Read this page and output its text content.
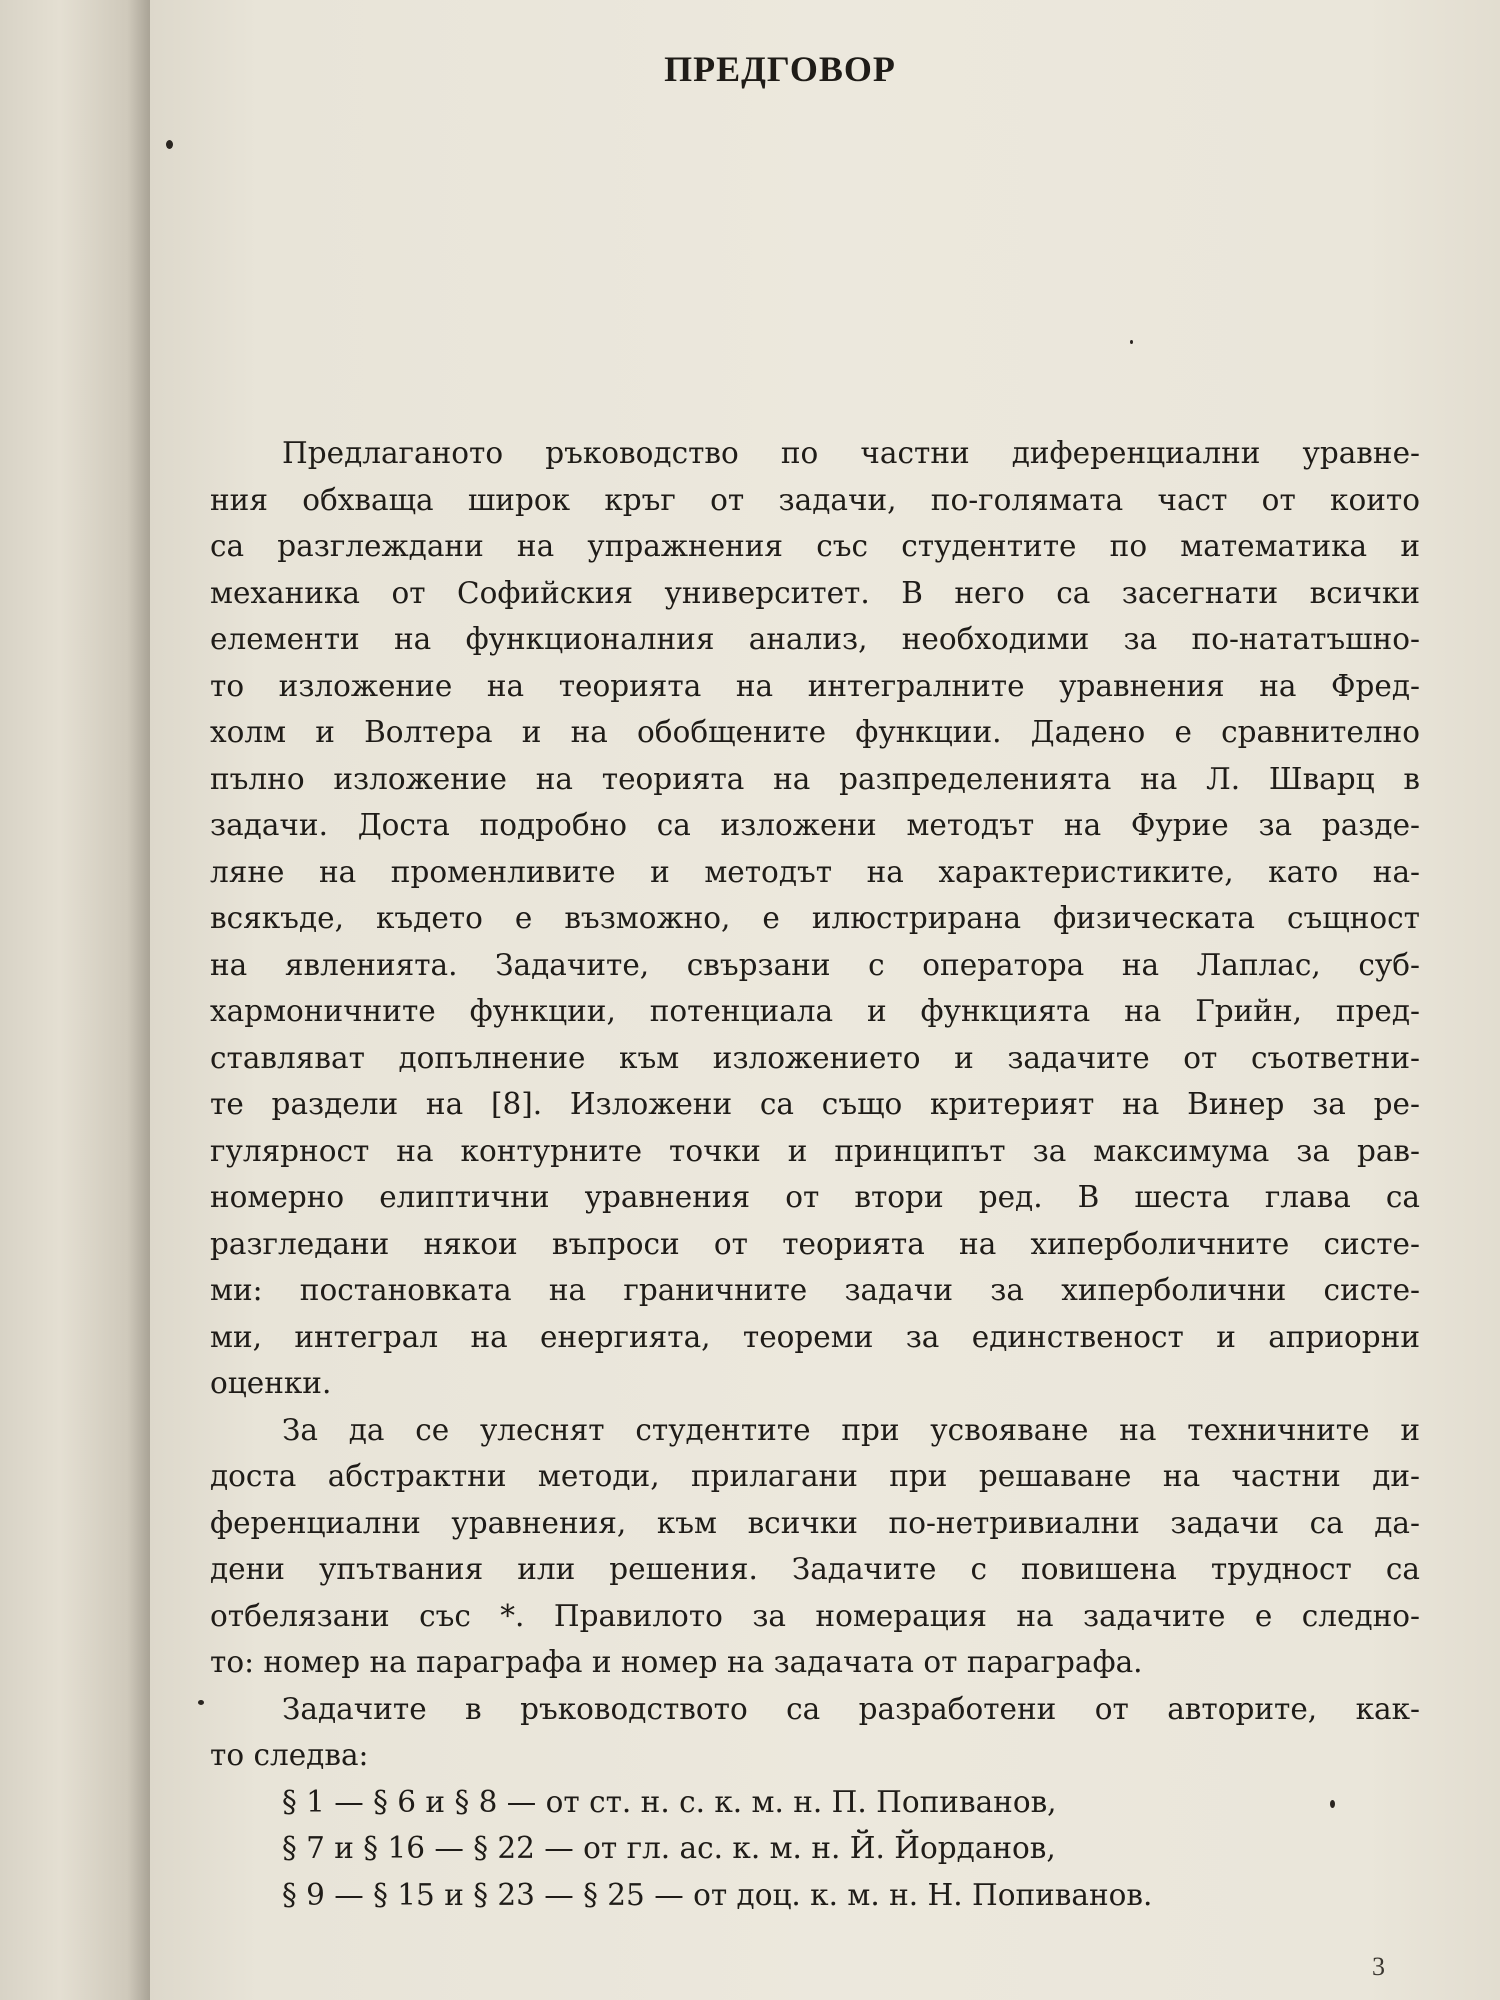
ПРЕДГОВОР
Предлаганото ръководство по частни диференциални уравне-
ния обхваща широк кръг от задачи, по-голямата част от които
са разглеждани на упражнения със студентите по математика и
механика от Софийския университет. В него са засегнати всички
елементи на функционалния анализ, необходими за по-нататъшно-
то изложение на теорията на интегралните уравнения на Фред-
холм и Волтера и на обобщените функции. Дадено е сравнително
пълно изложение на теорията на разпределенията на Л. Шварц в
задачи. Доста подробно са изложени методът на Фурие за разде-
ляне на променливите и методът на характеристиките, като на-
всякъде, където е възможно, е илюстрирана физическата същност
на явленията. Задачите, свързани с оператора на Лаплас, суб-
хармоничните функции, потенциала и функцията на Грийн, пред-
ставляват допълнение към изложението и задачите от съответни-
те раздели на [8]. Изложени са също критерият на Винер за ре-
гулярност на контурните точки и принципът за максимума за рав-
номерно елиптични уравнения от втори ред. В шеста глава са
разгледани някои въпроси от теорията на хиперболичните систе-
ми: постановката на граничните задачи за хиперболични систе-
ми, интеграл на енергията, теореми за единственост и априорни
оценки.
За да се улеснят студентите при усвояване на техничните и
доста абстрактни методи, прилагани при решаване на частни ди-
ференциални уравнения, към всички по-нетривиални задачи са да-
дени упътвания или решения. Задачите с повишена трудност са
отбелязани със *. Правилото за номерация на задачите е следно-
то: номер на параграфа и номер на задачата от параграфа.
Задачите в ръководството са разработени от авторите, как-
то следва:
§ 1 — § 6 и § 8 — от ст. н. с. к. м. н. П. Попиванов,
§ 7 и § 16 — § 22 — от гл. ас. к. м. н. Й. Йорданов,
§ 9 — § 15 и § 23 — § 25 — от доц. к. м. н. Н. Попиванов.
3
